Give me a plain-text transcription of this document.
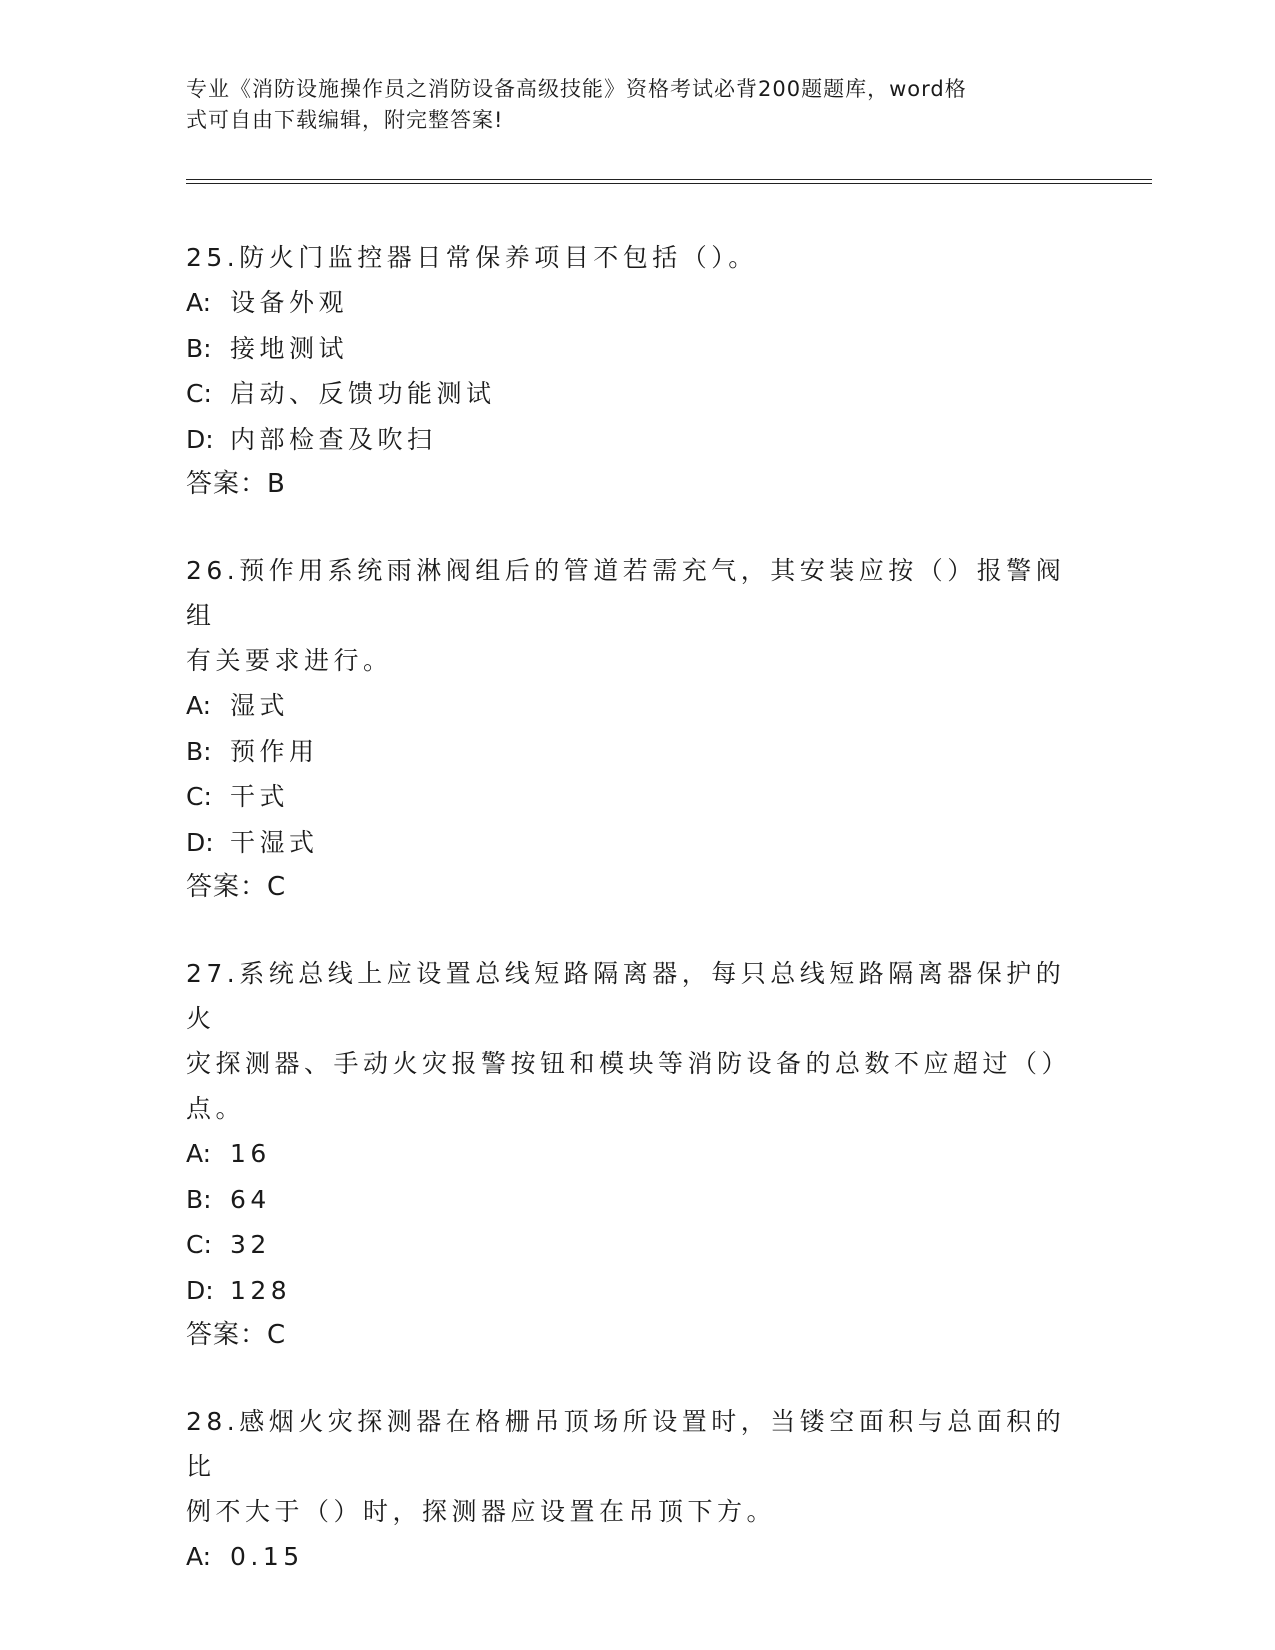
专业《消防设施操作员之消防设备高级技能》资格考试必背200题题库，word格
式可自由下载编辑，附完整答案!
25.防火门监控器日常保养项目不包括（）。
A: 设备外观
B: 接地测试
C: 启动、反馈功能测试
D: 内部检查及吹扫
答案：B
26.预作用系统雨淋阀组后的管道若需充气，其安装应按（）报警阀组
有关要求进行。
A: 湿式
B: 预作用
C: 干式
D: 干湿式
答案：C
27.系统总线上应设置总线短路隔离器，每只总线短路隔离器保护的火
灾探测器、手动火灾报警按钮和模块等消防设备的总数不应超过（）
点。
A: 16
B: 64
C: 32
D: 128
答案：C
28.感烟火灾探测器在格栅吊顶场所设置时，当镂空面积与总面积的比
例不大于（）时，探测器应设置在吊顶下方。
A: 0.15
